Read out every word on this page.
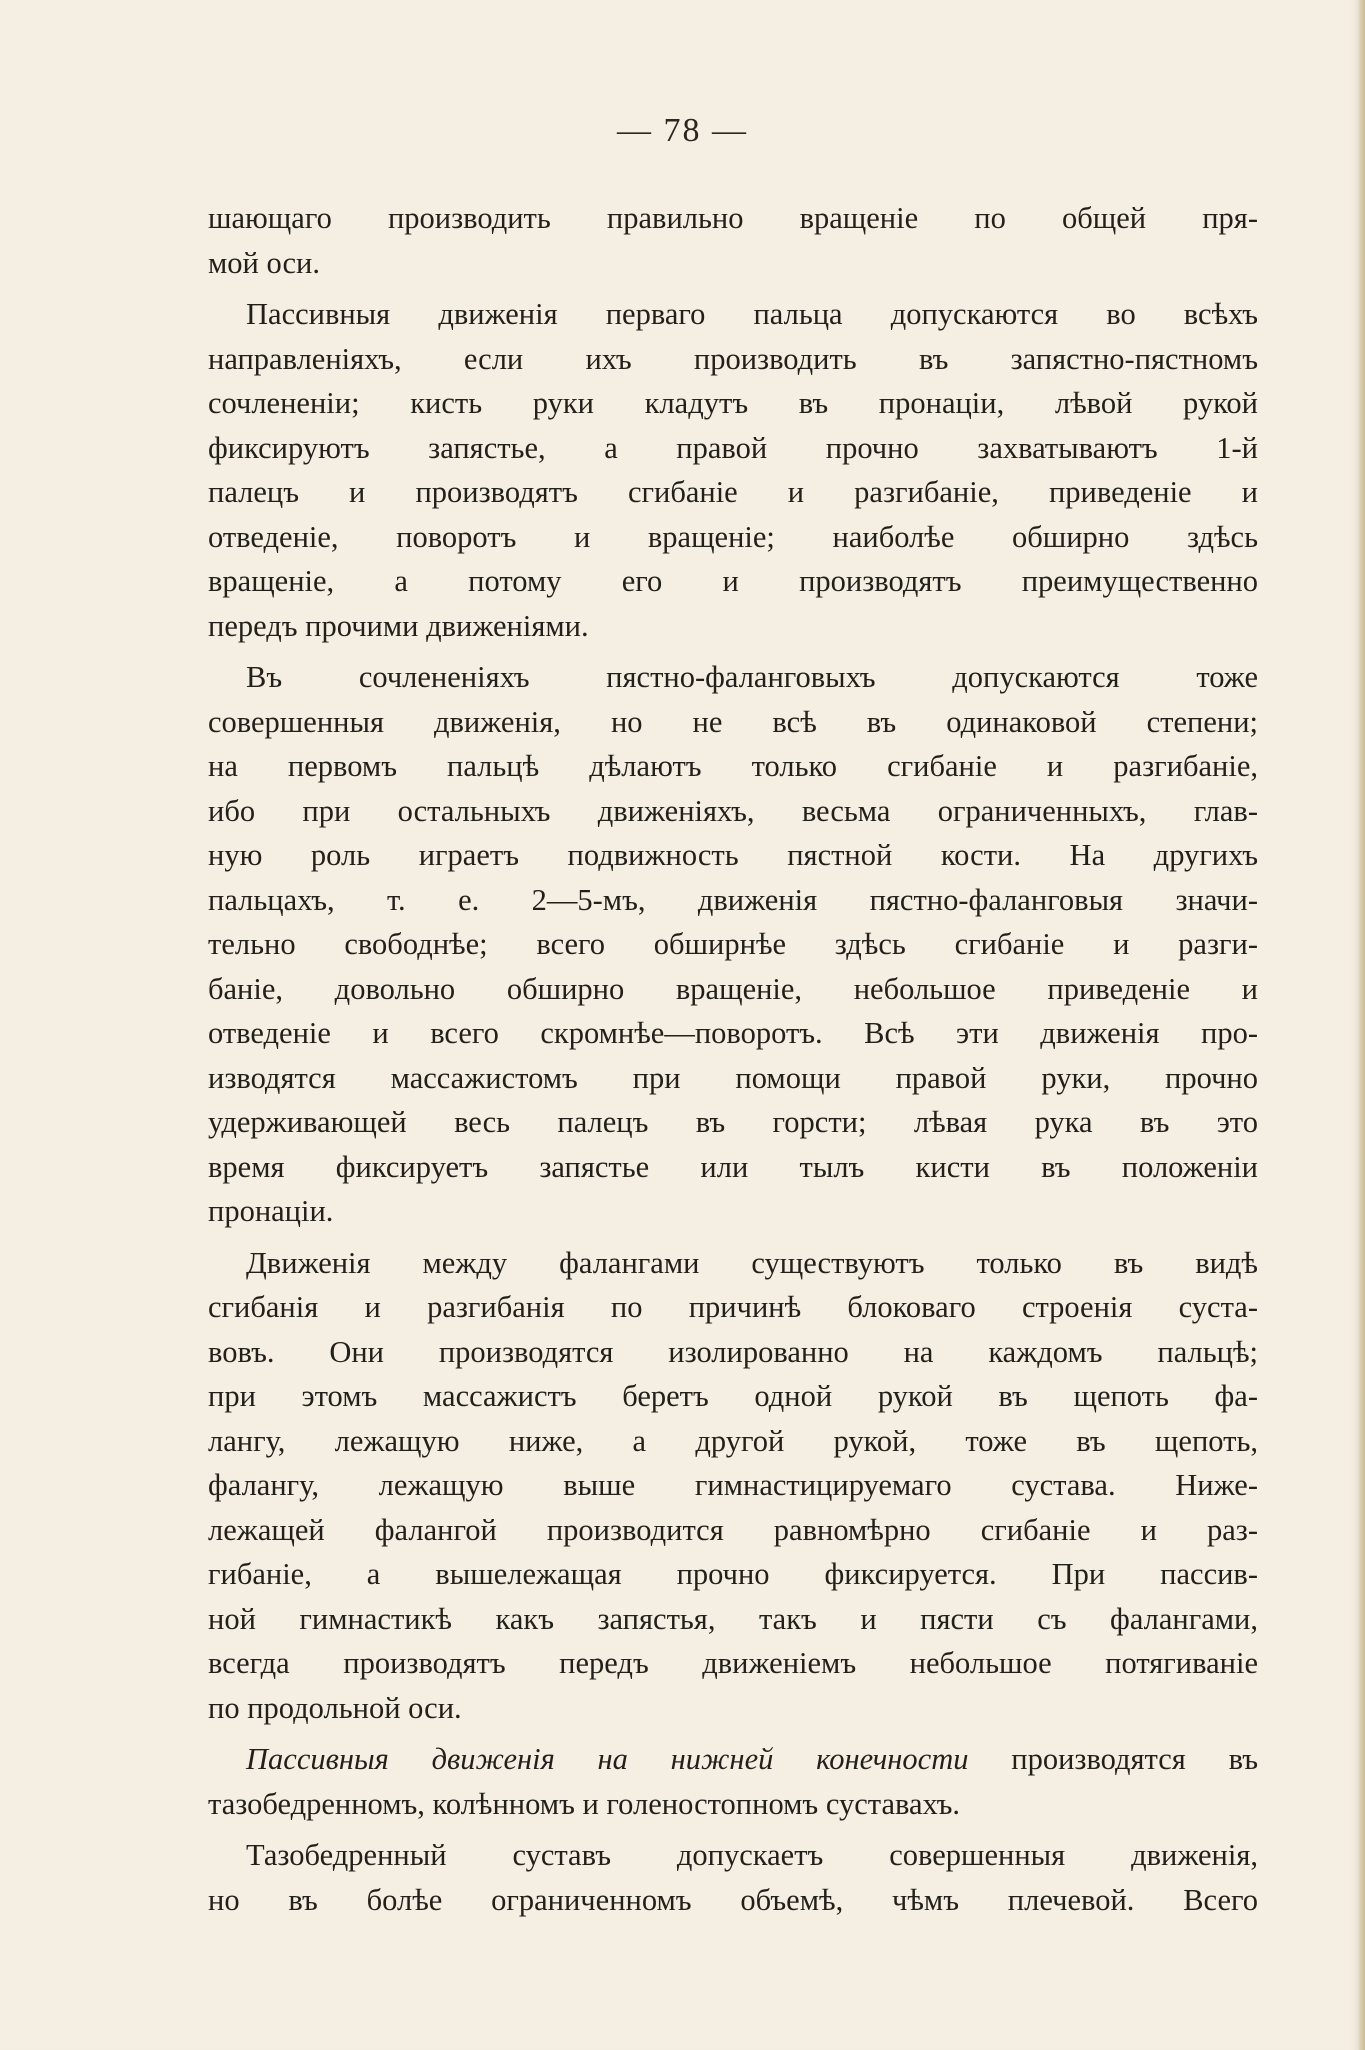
— 78 —

шающаго производить правильно вращеніе по общей пря-
мой оси.

Пассивныя движенія перваго пальца допускаются во всѣхъ
направленіяхъ, если ихъ производить въ запястно-пястномъ
сочлененіи; кисть руки кладутъ въ пронаціи, лѣвой рукой
фиксируютъ запястье, а правой прочно захватываютъ 1-й
палецъ и производятъ сгибаніе и разгибаніе, приведеніе и
отведеніе, поворотъ и вращеніе; наиболѣе обширно здѣсь
вращеніе, а потому его и производятъ преимущественно
передъ прочими движеніями.

Въ сочлененіяхъ пястно-фаланговыхъ допускаются тоже
совершенныя движенія, но не всѣ въ одинаковой степени;
на первомъ пальцѣ дѣлаютъ только сгибаніе и разгибаніе,
ибо при остальныхъ движеніяхъ, весьма ограниченныхъ, глав-
ную роль играетъ подвижность пястной кости. На другихъ
пальцахъ, т. е. 2—5-мъ, движенія пястно-фаланговыя значи-
тельно свободнѣе; всего обширнѣе здѣсь сгибаніе и разги-
баніе, довольно обширно вращеніе, небольшое приведеніе и
отведеніе и всего скромнѣе—поворотъ. Всѣ эти движенія про-
изводятся массажистомъ при помощи правой руки, прочно
удерживающей весь палецъ въ горсти; лѣвая рука въ это
время фиксируетъ запястье или тылъ кисти въ положеніи
пронаціи.

Движенія между фалангами существуютъ только въ видѣ
сгибанія и разгибанія по причинѣ блоковаго строенія суста-
вовъ. Они производятся изолированно на каждомъ пальцѣ;
при этомъ массажистъ беретъ одной рукой въ щепоть фа-
лангу, лежащую ниже, а другой рукой, тоже въ щепоть,
фалангу, лежащую выше гимнастицируемаго сустава. Ниже-
лежащей фалангой производится равномѣрно сгибаніе и раз-
гибаніе, а вышележащая прочно фиксируется. При пассив-
ной гимнастикѣ какъ запястья, такъ и пясти съ фалангами,
всегда производятъ передъ движеніемъ небольшое потягиваніе
по продольной оси.

Пассивныя движенія на нижней конечности производятся въ
тазобедренномъ, колѣнномъ и голеностопномъ суставахъ.

Тазобедренный суставъ допускаетъ совершенныя движенія,
но въ болѣе ограниченномъ объемѣ, чѣмъ плечевой. Всего
